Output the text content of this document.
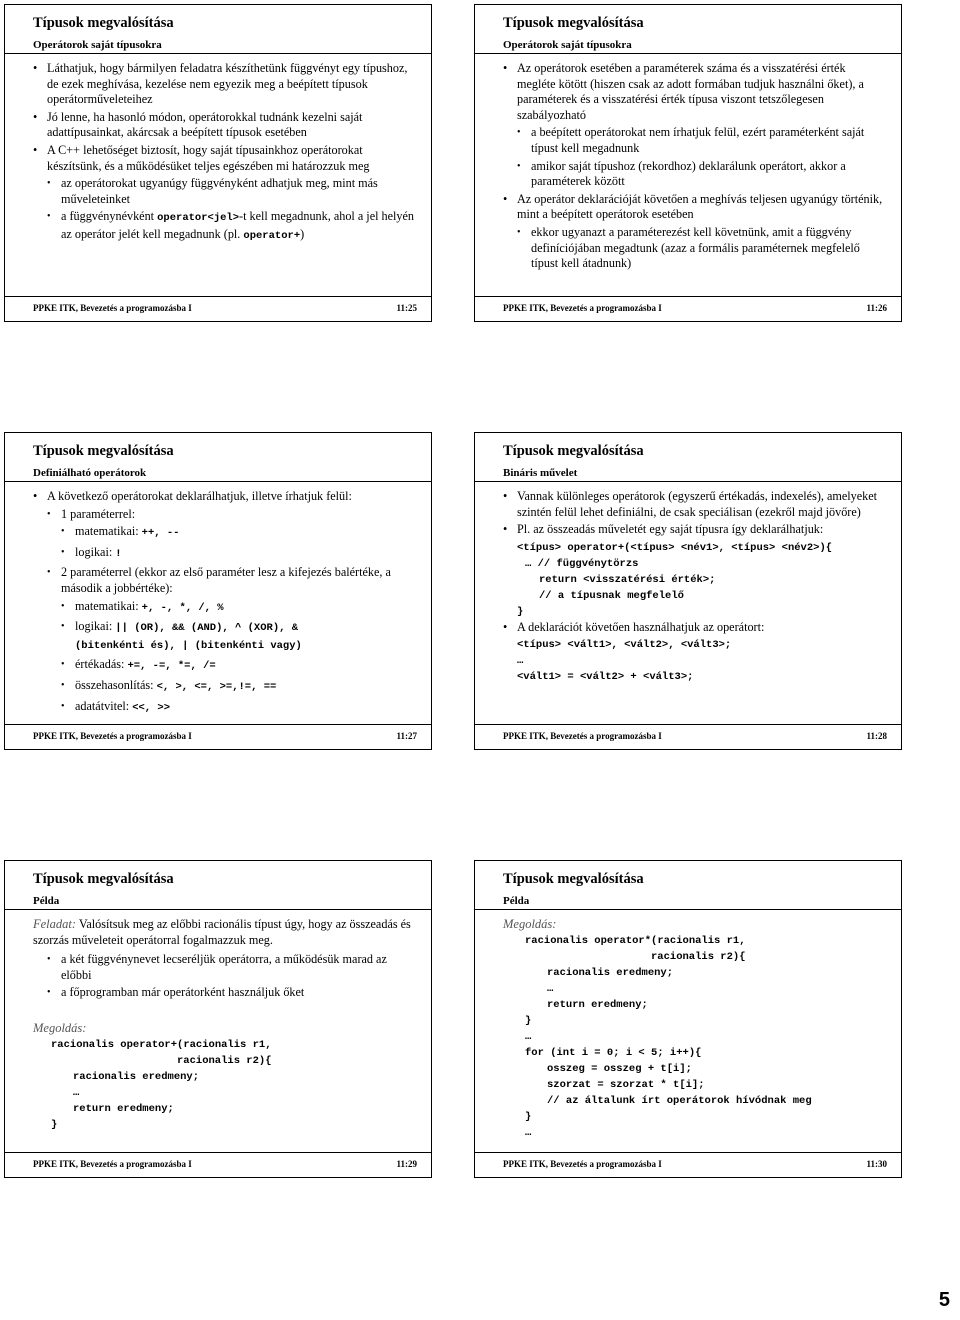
Típusok megvalósítása
Operátorok saját típusokra
• Láthatjuk, hogy bármilyen feladatra készíthetünk függvényt egy típushoz, de ezek meghívása, kezelése nem egyezik meg a beépített típusok operátorműveleteihez
• Jó lenne, ha hasonló módon, operátorokkal tudnánk kezelni saját adattípusainkat, akárcsak a beépített típusok esetében
• A C++ lehetőséget biztosít, hogy saját típusainkhoz operátorokat készítsünk, és a működésüket teljes egészében mi határozzuk meg
• az operátorokat ugyanúgy függvényként adhatjuk meg, mint más műveleteinket
• a függvénynévként operator<jel>-t kell megadnunk, ahol a jel helyén az operátor jelét kell megadnunk (pl. operator+)
PPKE ITK, Bevezetés a programozásba I	11:25
Típusok megvalósítása
Operátorok saját típusokra
• Az operátorok esetében a paraméterek száma és a visszatérési érték megléte kötött (hiszen csak az adott formában tudjuk használni őket), a paraméterek és a visszatérési érték típusa viszont tetszőlegesen szabályozható
• a beépített operátorokat nem írhatjuk felül, ezért paraméterként saját típust kell megadnunk
• amikor saját típushoz (rekordhoz) deklarálunk operátort, akkor a paraméterek között
• Az operátor deklarációját követően a meghívás teljesen ugyanúgy történik, mint a beépített operátorok esetében
• ekkor ugyanazt a paraméterezést kell követnünk, amit a függvény definíciójában megadtunk (azaz a formális paraméternek megfelelő típust kell átadnunk)
PPKE ITK, Bevezetés a programozásba I	11:26
Típusok megvalósítása
Definiálható operátorok
• A következő operátorokat deklarálhatjuk, illetve írhatjuk felül:
• 1 paraméterrel:
• matematikai: ++, --
• logikai: !
• 2 paraméterrel (ekkor az első paraméter lesz a kifejezés balértéke, a második a jobbértéke):
• matematikai: +, -, *, /, %
• logikai: || (OR), && (AND), ^ (XOR), &
(bitenkénti és), | (bitenkénti vagy)
• értékadás: +=, -=, *=, /=
• összehasonlítás: <, >, <=, >=,!=, ==
• adatátvitel: <<, >>
PPKE ITK, Bevezetés a programozásba I	11:27
Típusok megvalósítása
Bináris művelet
• Vannak különleges operátorok (egyszerű értékadás, indexelés), amelyeket szintén felül lehet definiálni, de csak speciálisan (ezekről majd jövőre)
• Pl. az összeadás műveletét egy saját típusra így deklarálhatjuk:
<típus> operator+(<típus> <név1>, <típus> <név2>){
… // függvénytörzs
return <visszatérési érték>;
// a típusnak megfelelő
}
• A deklarációt követően használhatjuk az operátort:
<típus> <vált1>, <vált2>, <vált3>;
…
<vált1> = <vált2> + <vált3>;
PPKE ITK, Bevezetés a programozásba I	11:28
Típusok megvalósítása
Példa
Feladat: Valósítsuk meg az előbbi racionális típust úgy, hogy az összeadás és szorzás műveleteit operátorral fogalmazzuk meg.
• a két függvénynevet lecseréljük operátorra, a működésük marad az előbbi
• a főprogramban már operátorként használjuk őket
Megoldás:
racionalis operator+(racionalis r1,
racionalis r2){
racionalis eredmeny;
…
return eredmeny;
}
PPKE ITK, Bevezetés a programozásba I	11:29
Típusok megvalósítása
Példa
Megoldás:
racionalis operator*(racionalis r1,
racionalis r2){
racionalis eredmeny;
…
return eredmeny;
}
…
for (int i = 0; i < 5; i++){
osszeg = osszeg + t[i];
szorzat = szorzat * t[i];
// az általunk írt operátorok hívódnak meg
}
…
PPKE ITK, Bevezetés a programozásba I	11:30
5
